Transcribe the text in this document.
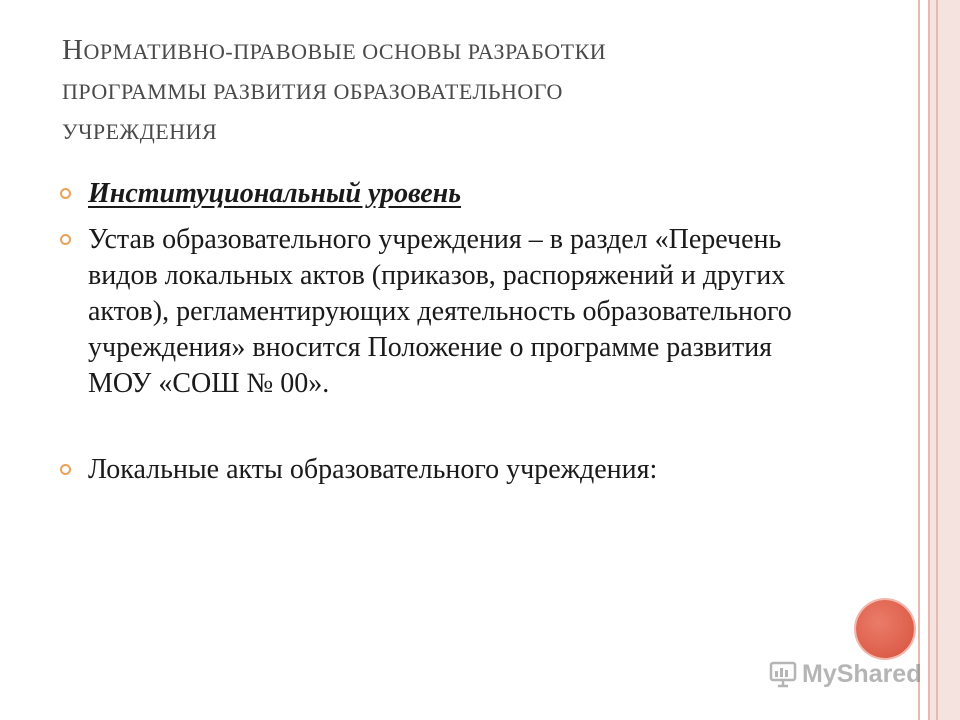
НОРМАТИВНО-ПРАВОВЫЕ ОСНОВЫ РАЗРАБОТКИ
ПРОГРАММЫ РАЗВИТИЯ ОБРАЗОВАТЕЛЬНОГО
УЧРЕЖДЕНИЯ
Институциональный уровень
Устав образовательного учреждения – в раздел «Перечень видов локальных актов (приказов, распоряжений и других актов), регламентирующих деятельность образовательного учреждения» вносится Положение о программе развития МОУ «СОШ № 00».
Локальные акты образовательного учреждения:
MyShared
